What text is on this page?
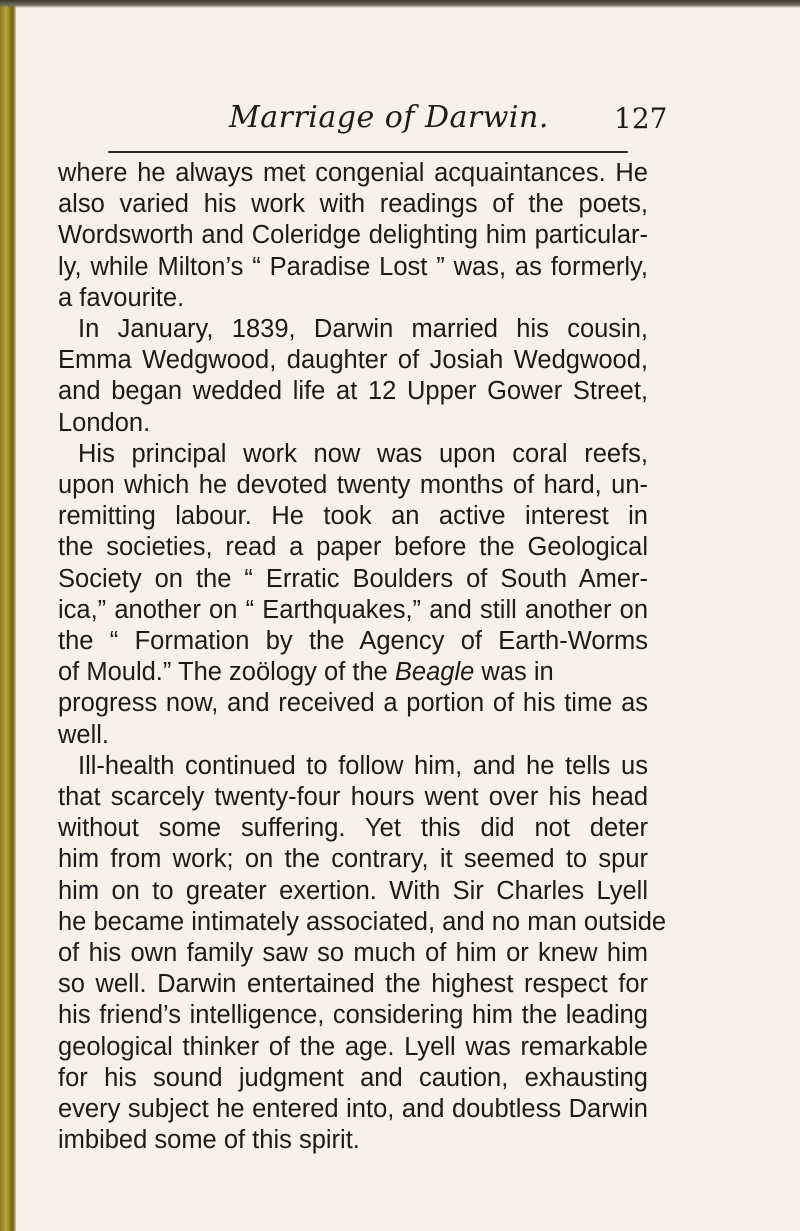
Marriage of Darwin. 127
where he always met congenial acquaintances. He
also varied his work with readings of the poets,
Wordsworth and Coleridge delighting him particular-
ly, while Milton’s “ Paradise Lost ” was, as formerly,
a favourite.
In January, 1839, Darwin married his cousin,
Emma Wedgwood, daughter of Josiah Wedgwood,
and began wedded life at 12 Upper Gower Street,
London.
His principal work now was upon coral reefs,
upon which he devoted twenty months of hard, un-
remitting labour. He took an active interest in
the societies, read a paper before the Geological
Society on the “ Erratic Boulders of South Amer-
ica,” another on “ Earthquakes,” and still another on
the “ Formation by the Agency of Earth-Worms
of Mould.” The zoölogy of the Beagle was in
progress now, and received a portion of his time as
well.
Ill-health continued to follow him, and he tells us
that scarcely twenty-four hours went over his head
without some suffering. Yet this did not deter
him from work; on the contrary, it seemed to spur
him on to greater exertion. With Sir Charles Lyell
he became intimately associated, and no man outside
of his own family saw so much of him or knew him
so well. Darwin entertained the highest respect for
his friend’s intelligence, considering him the leading
geological thinker of the age. Lyell was remarkable
for his sound judgment and caution, exhausting
every subject he entered into, and doubtless Darwin
imbibed some of this spirit.
